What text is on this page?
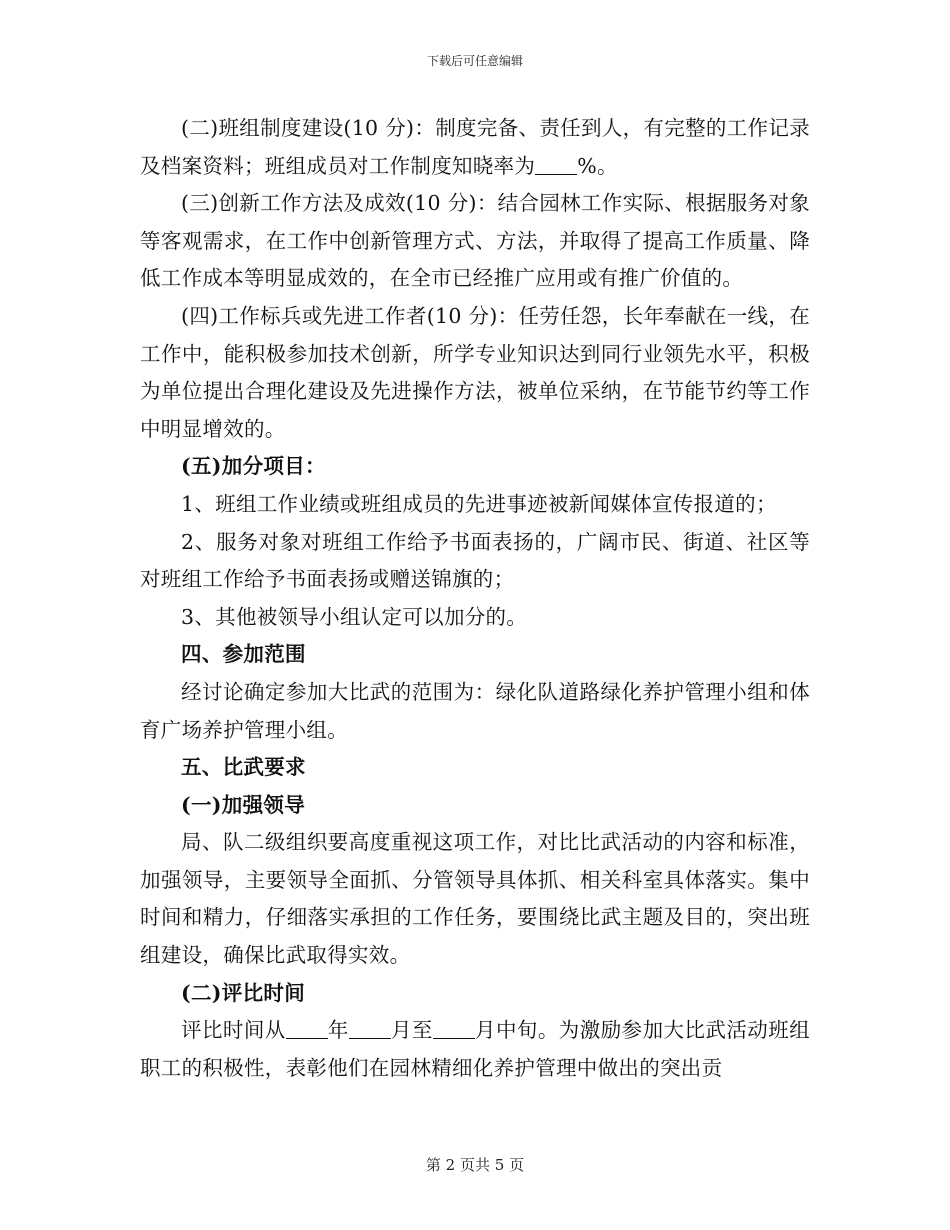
下载后可任意编辑

(二)班组制度建设(10 分)：制度完备、责任到人，有完整的工作记录及档案资料；班组成员对工作制度知晓率为 %。

(三)创新工作方法及成效(10 分)：结合园林工作实际、根据服务对象等客观需求，在工作中创新管理方式、方法，并取得了提高工作质量、降低工作成本等明显成效的，在全市已经推广应用或有推广价值的。

(四)工作标兵或先进工作者(10 分)：任劳任怨，长年奉献在一线，在工作中，能积极参加技术创新，所学专业知识达到同行业领先水平，积极为单位提出合理化建设及先进操作方法，被单位采纳，在节能节约等工作中明显增效的。

(五)加分项目：

1、班组工作业绩或班组成员的先进事迹被新闻媒体宣传报道的；

2、服务对象对班组工作给予书面表扬的，广阔市民、街道、社区等对班组工作给予书面表扬或赠送锦旗的；

3、其他被领导小组认定可以加分的。

四、参加范围

经讨论确定参加大比武的范围为：绿化队道路绿化养护管理小组和体育广场养护管理小组。

五、比武要求

(一)加强领导

局、队二级组织要高度重视这项工作，对比比武活动的内容和标准，加强领导，主要领导全面抓、分管领导具体抓、相关科室具体落实。集中时间和精力，仔细落实承担的工作任务，要围绕比武主题及目的，突出班组建设，确保比武取得实效。

(二)评比时间

评比时间从 年 月至 月中旬。为激励参加大比武活动班组职工的积极性，表彰他们在园林精细化养护管理中做出的突出贡

第 2 页共 5 页
